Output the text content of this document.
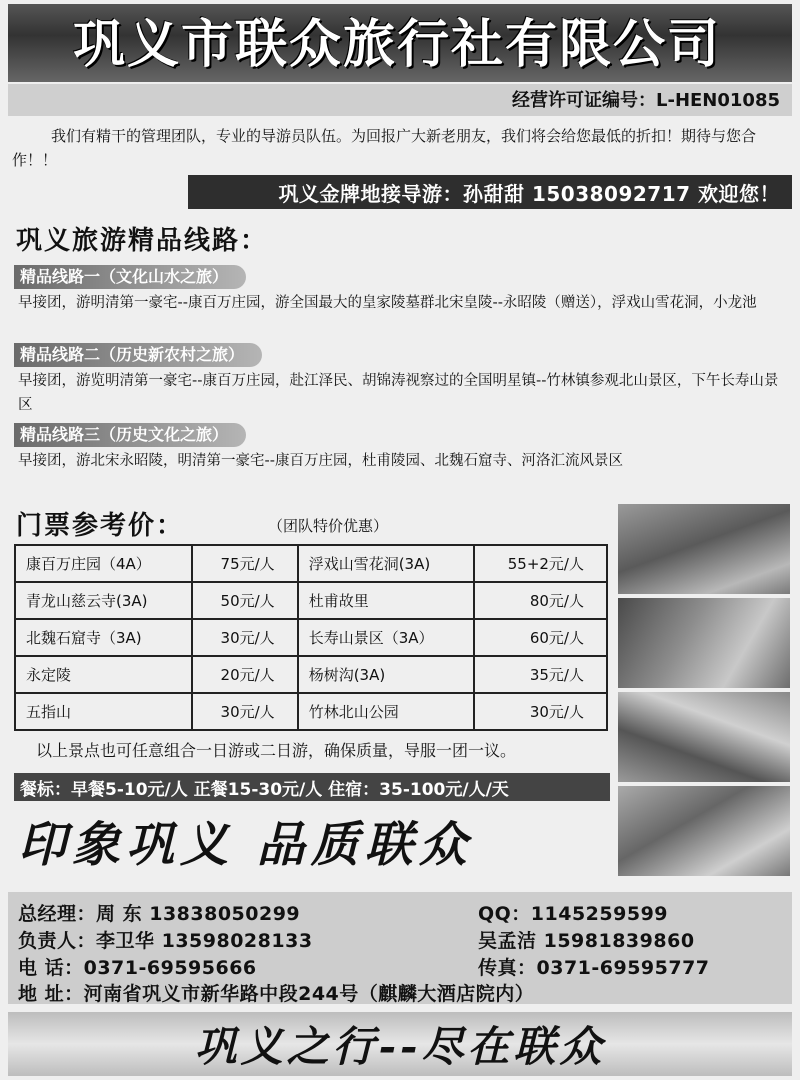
巩义市联众旅行社有限公司
经营许可证编号：L-HEN01085
我们有精干的管理团队，专业的导游员队伍。为回报广大新老朋友，我们将会给您最低的折扣！期待与您合作！！
巩义金牌地接导游：孙甜甜 15038092717 欢迎您！
巩义旅游精品线路：
精品线路一（文化山水之旅）
早接团，游明清第一豪宅--康百万庄园，游全国最大的皇家陵墓群北宋皇陵--永昭陵（赠送），浮戏山雪花洞，小龙池
精品线路二（历史新农村之旅）
早接团，游览明清第一豪宅--康百万庄园，赴江泽民、胡锦涛视察过的全国明星镇--竹林镇参观北山景区，下午长寿山景区
精品线路三（历史文化之旅）
早接团，游北宋永昭陵，明清第一豪宅--康百万庄园，杜甫陵园、北魏石窟寺、河洛汇流风景区
门票参考价：	（团队特价优惠）
康百万庄园（4A）	75元/人	浮戏山雪花洞(3A)	55+2元/人
青龙山慈云寺(3A)	50元/人	杜甫故里	80元/人
北魏石窟寺（3A)	30元/人	长寿山景区（3A）	60元/人
永定陵	20元/人	杨树沟(3A)	35元/人
五指山	30元/人	竹林北山公园	30元/人
以上景点也可任意组合一日游或二日游，确保质量，导服一团一议。
餐标：早餐5-10元/人 正餐15-30元/人 住宿：35-100元/人/天
印象巩义 品质联众
总经理：周 东 13838050299	QQ：1145259599
负责人：李卫华 13598028133	吴孟洁 15981839860
电 话：0371-69595666	传真：0371-69595777
地 址：河南省巩义市新华路中段244号（麒麟大酒店院内）
巩义之行--尽在联众
